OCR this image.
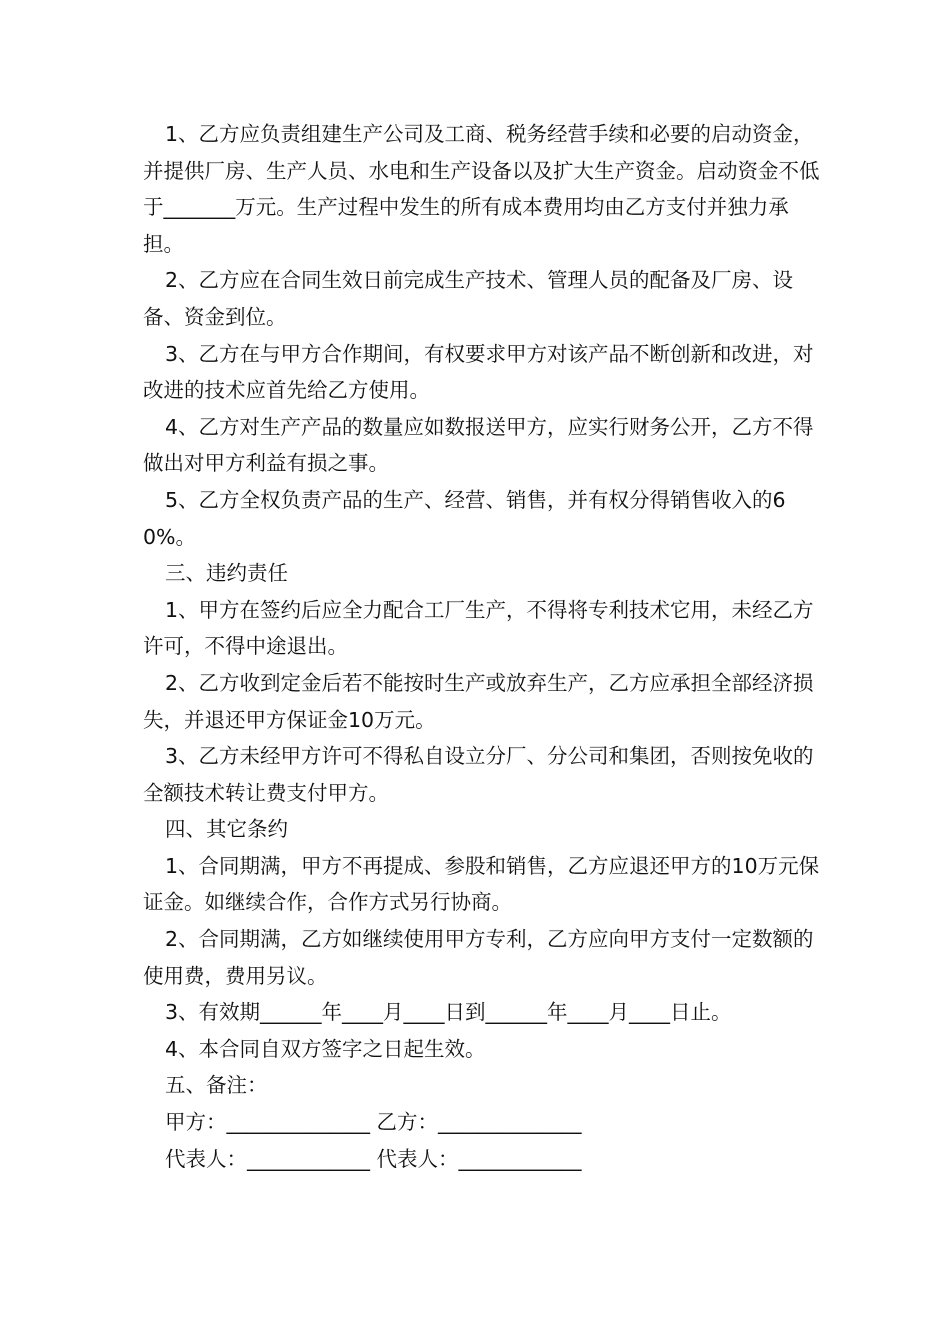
1、乙方应负责组建生产公司及工商、税务经营手续和必要的启动资金，并提供厂房、生产人员、水电和生产设备以及扩大生产资金。启动资金不低于_______万元。生产过程中发生的所有成本费用均由乙方支付并独力承担。

2、乙方应在合同生效日前完成生产技术、管理人员的配备及厂房、设备、资金到位。

3、乙方在与甲方合作期间，有权要求甲方对该产品不断创新和改进，对改进的技术应首先给乙方使用。

4、乙方对生产产品的数量应如数报送甲方，应实行财务公开，乙方不得做出对甲方利益有损之事。

5、乙方全权负责产品的生产、经营、销售，并有权分得销售收入的60%。

三、违约责任

1、甲方在签约后应全力配合工厂生产，不得将专利技术它用，未经乙方许可，不得中途退出。

2、乙方收到定金后若不能按时生产或放弃生产，乙方应承担全部经济损失，并退还甲方保证金10万元。

3、乙方未经甲方许可不得私自设立分厂、分公司和集团，否则按免收的全额技术转让费支付甲方。

四、其它条约

1、合同期满，甲方不再提成、参股和销售，乙方应退还甲方的10万元保证金。如继续合作，合作方式另行协商。

2、合同期满，乙方如继续使用甲方专利，乙方应向甲方支付一定数额的使用费，费用另议。

3、有效期______年____月____日到______年____月____日止。

4、本合同自双方签字之日起生效。

五、备注：

甲方：______________ 乙方：______________

代表人：____________ 代表人：____________
